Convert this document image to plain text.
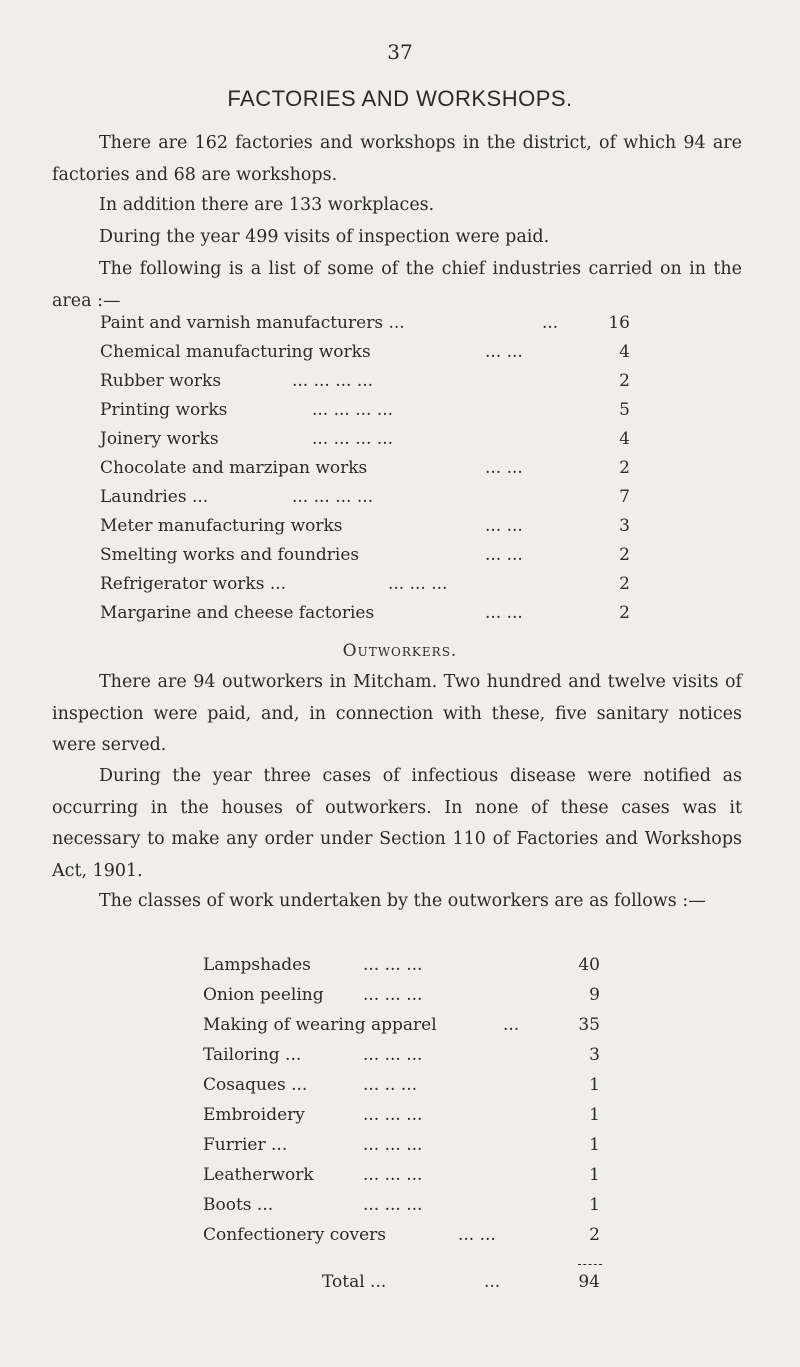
37
FACTORIES AND WORKSHOPS.

There are 162 factories and workshops in the district, of which 94 are factories and 68 are workshops.

In addition there are 133 workplaces.

During the year 499 visits of inspection were paid.

The following is a list of some of the chief industries carried on in the area :—

Paint and varnish manufacturers ...	...	16
Chemical manufacturing works	... ...	4
Rubber works	... ... ... ...	2
Printing works	... ... ... ...	5
Joinery works	... ... ... ...	4
Chocolate and marzipan works	... ...	2
Laundries ...	... ... ... ...	7
Meter manufacturing works	... ...	3
Smelting works and foundries	... ...	2
Refrigerator works ...	... ... ...	2
Margarine and cheese factories	... ...	2
Outworkers.

There are 94 outworkers in Mitcham. Two hundred and twelve visits of inspection were paid, and, in connection with these, five sanitary notices were served.

During the year three cases of infectious disease were notified as occurring in the houses of outworkers. In none of these cases was it necessary to make any order under Section 110 of Factories and Workshops Act, 1901.

The classes of work undertaken by the outworkers are as follows :—

Lampshades	... ... ...	40
Onion peeling ... ... ...	9
Making of wearing apparel	...	35
Tailoring ...	... ... ...	3
Cosaques ...	... .. ...	1
Embroidery	... ... ...	1
Furrier ...	... ... ...	1
Leatherwork	... ... ...	1
Boots ...	... ... ...	1
Confectionery covers	... ...	2
Total ...	...	94
